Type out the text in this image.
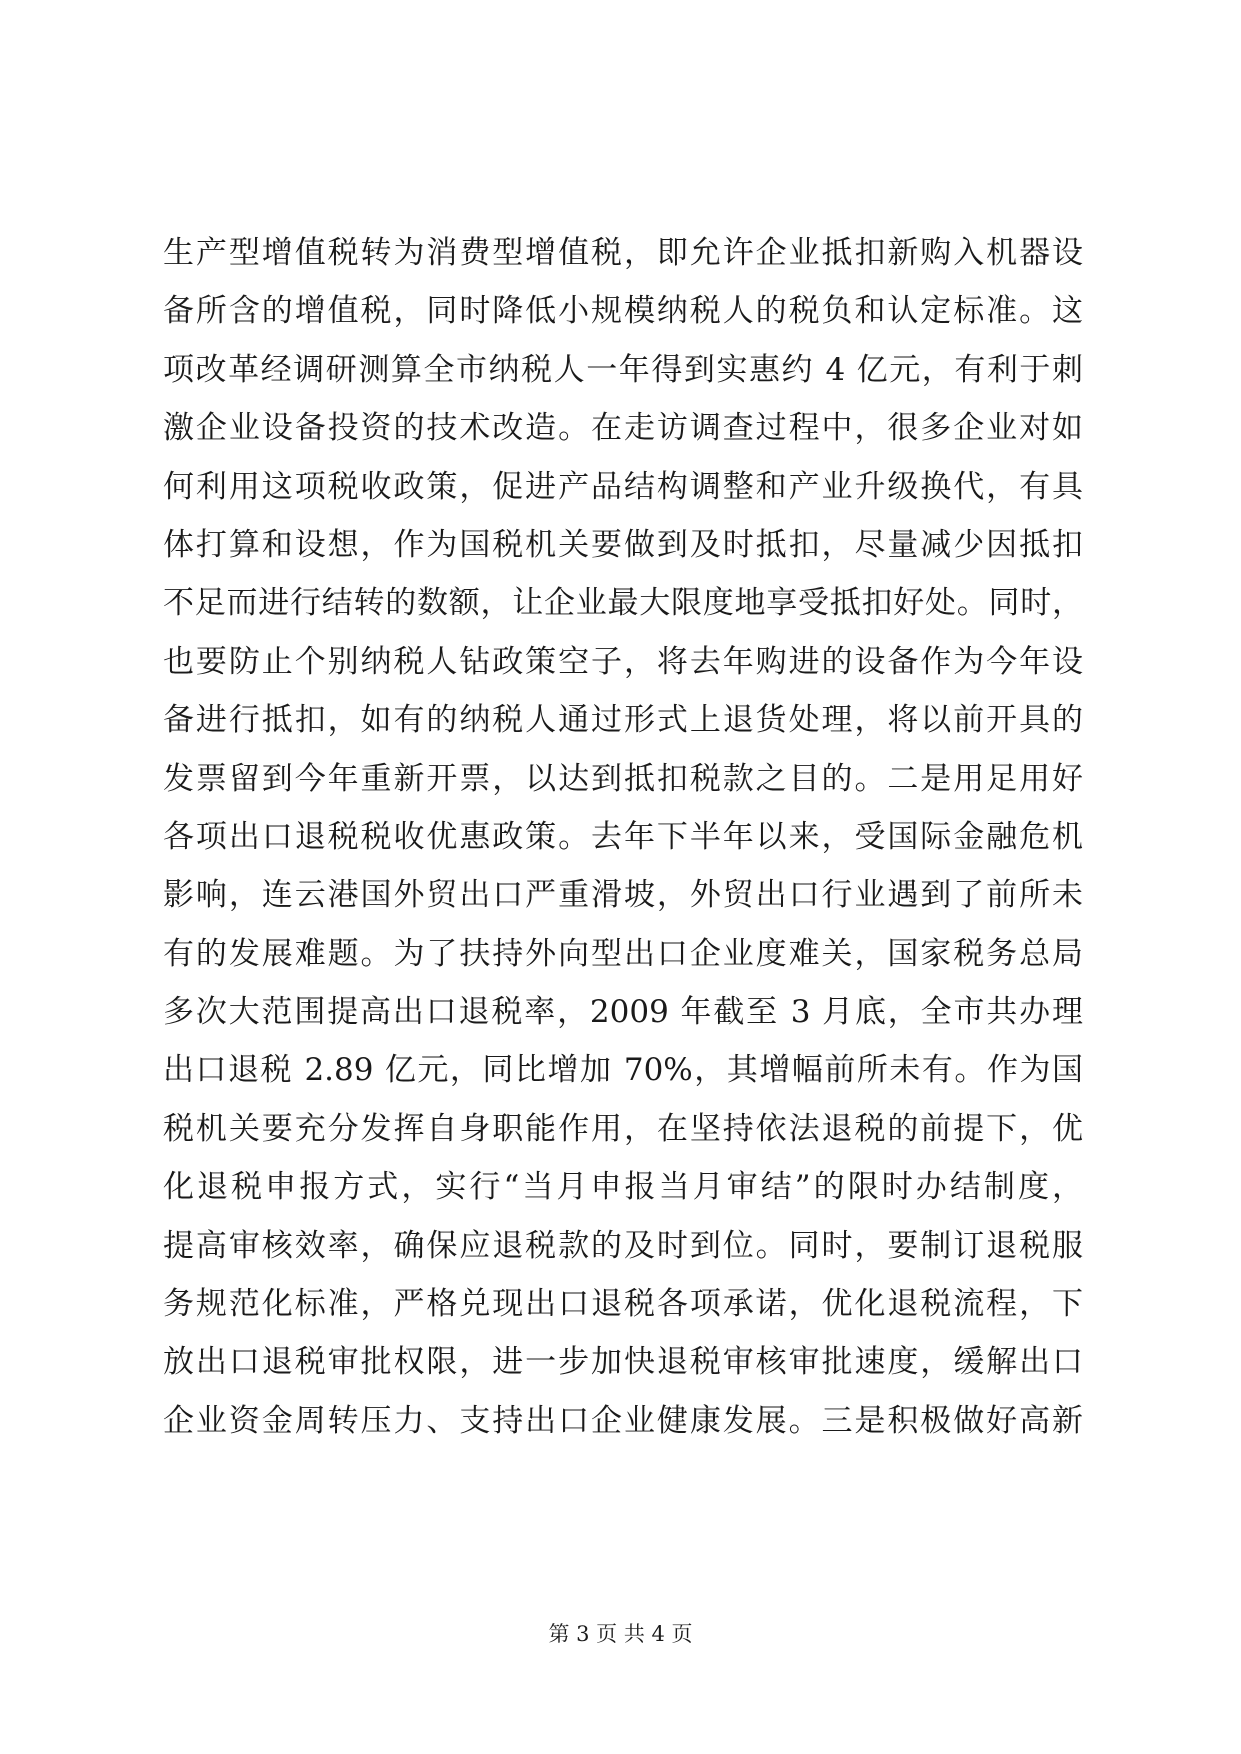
生产型增值税转为消费型增值税，即允许企业抵扣新购入机器设
备所含的增值税，同时降低小规模纳税人的税负和认定标准。这
项改革经调研测算全市纳税人一年得到实惠约 4 亿元，有利于刺
激企业设备投资的技术改造。在走访调查过程中，很多企业对如
何利用这项税收政策，促进产品结构调整和产业升级换代，有具
体打算和设想，作为国税机关要做到及时抵扣，尽量减少因抵扣
不足而进行结转的数额，让企业最大限度地享受抵扣好处。同时，
也要防止个别纳税人钻政策空子，将去年购进的设备作为今年设
备进行抵扣，如有的纳税人通过形式上退货处理，将以前开具的
发票留到今年重新开票，以达到抵扣税款之目的。二是用足用好
各项出口退税税收优惠政策。去年下半年以来，受国际金融危机
影响，连云港国外贸出口严重滑坡，外贸出口行业遇到了前所未
有的发展难题。为了扶持外向型出口企业度难关，国家税务总局
多次大范围提高出口退税率，2009 年截至 3 月底，全市共办理
出口退税 2.89 亿元，同比增加 70%，其增幅前所未有。作为国
税机关要充分发挥自身职能作用，在坚持依法退税的前提下，优
化退税申报方式，实行“当月申报当月审结”的限时办结制度，
提高审核效率，确保应退税款的及时到位。同时，要制订退税服
务规范化标准，严格兑现出口退税各项承诺，优化退税流程，下
放出口退税审批权限，进一步加快退税审核审批速度，缓解出口
企业资金周转压力、支持出口企业健康发展。三是积极做好高新
第 3 页 共 4 页
